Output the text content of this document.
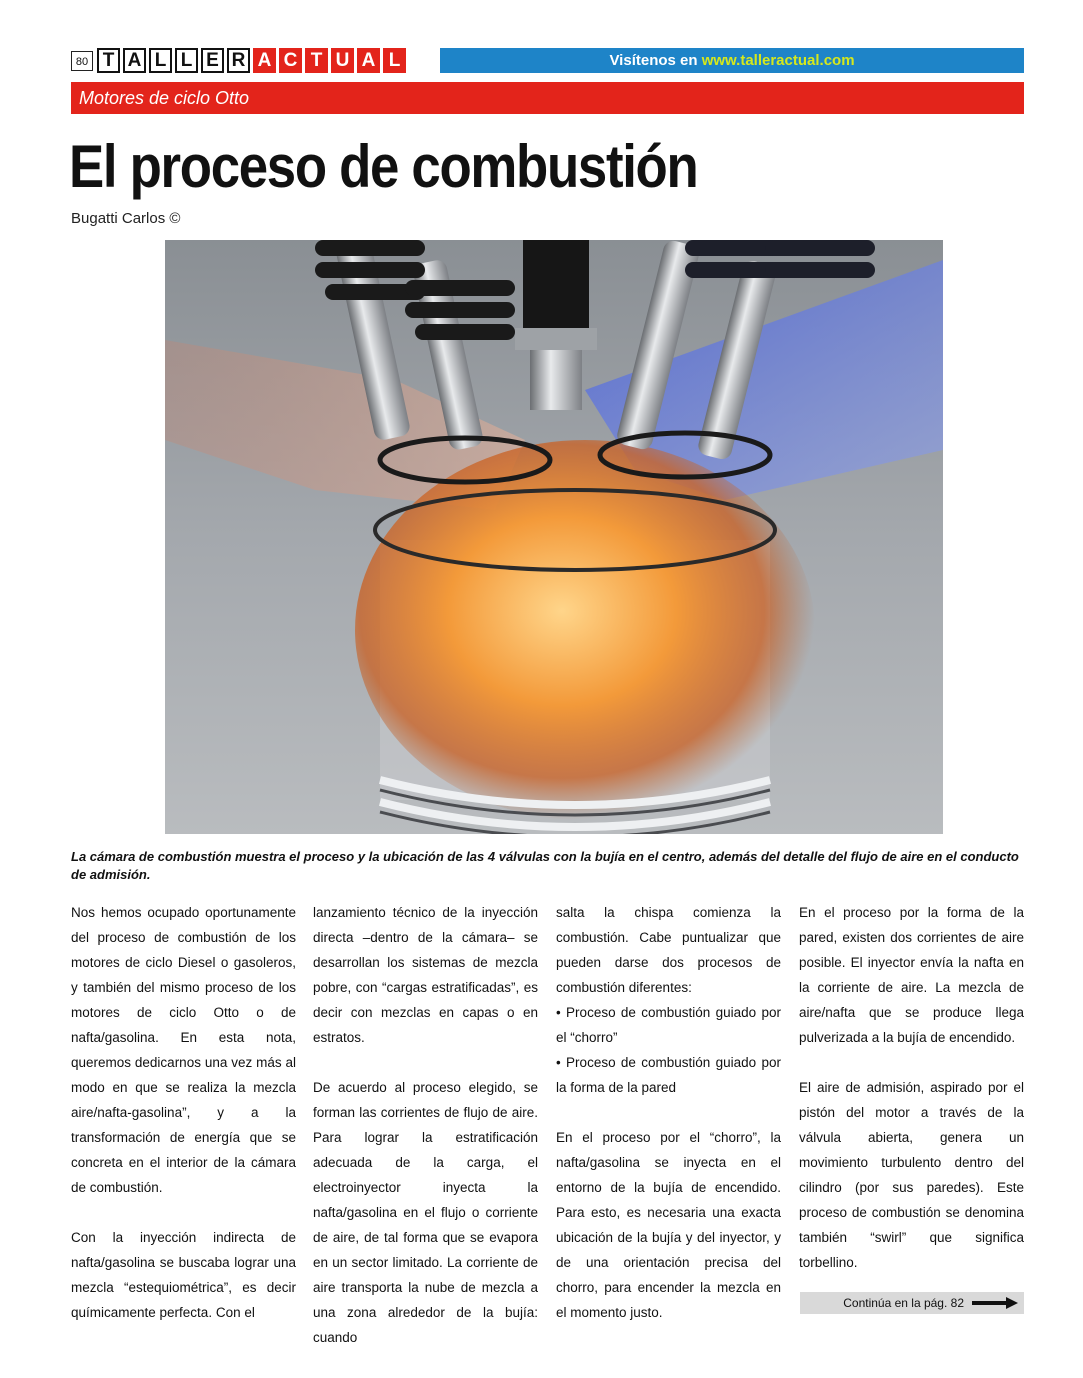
80 T A L L E R A C T U A L	Visítenos en www.talleractual.com
Motores de ciclo Otto
El proceso de combustión
Bugatti Carlos ©
La cámara de combustión muestra el proceso y la ubicación de las 4 válvulas con la bujía en el centro, además del detalle del flujo de aire en el conducto de admisión.

Nos hemos ocupado oportunamente del proceso de combustión de los motores de ciclo Diesel o gasoleros, y también del mismo proceso de los motores de ciclo Otto o de nafta/gasolina. En esta nota, queremos dedicarnos una vez más al modo en que se realiza la mezcla aire/nafta-gasolina”, y a la transformación de energía que se concreta en el interior de la cámara de combustión.

Con la inyección indirecta de nafta/gasolina se buscaba lograr una mezcla “estequiométrica”, es decir químicamente perfecta. Con el

lanzamiento técnico de la inyección directa –dentro de la cámara– se desarrollan los sistemas de mezcla pobre, con “cargas estratificadas”, es decir con mezclas en capas o en estratos.

De acuerdo al proceso elegido, se forman las corrientes de flujo de aire. Para lograr la estratificación adecuada de la carga, el electroinyector inyecta la nafta/gasolina en el flujo o corriente de aire, de tal forma que se evapora en un sector limitado. La corriente de aire transporta la nube de mezcla a una zona alrededor de la bujía: cuando

salta la chispa comienza la combustión. Cabe puntualizar que pueden darse dos procesos de combustión diferentes:

• Proceso de combustión guiado por el “chorro”

• Proceso de combustión guiado por la forma de la pared

En el proceso por el “chorro”, la nafta/gasolina se inyecta en el entorno de la bujía de encendido. Para esto, es necesaria una exacta ubicación de la bujía y del inyector, y de una orientación precisa del chorro, para encender la mezcla en el momento justo.

En el proceso por la forma de la pared, existen dos corrientes de aire posible. El inyector envía la nafta en la corriente de aire. La mezcla de aire/nafta que se produce llega pulverizada a la bujía de encendido.

El aire de admisión, aspirado por el pistón del motor a través de la válvula abierta, genera un movimiento turbulento dentro del cilindro (por sus paredes). Este proceso de combustión se denomina también “swirl” que significa torbellino.

Continúa en la pág. 82
